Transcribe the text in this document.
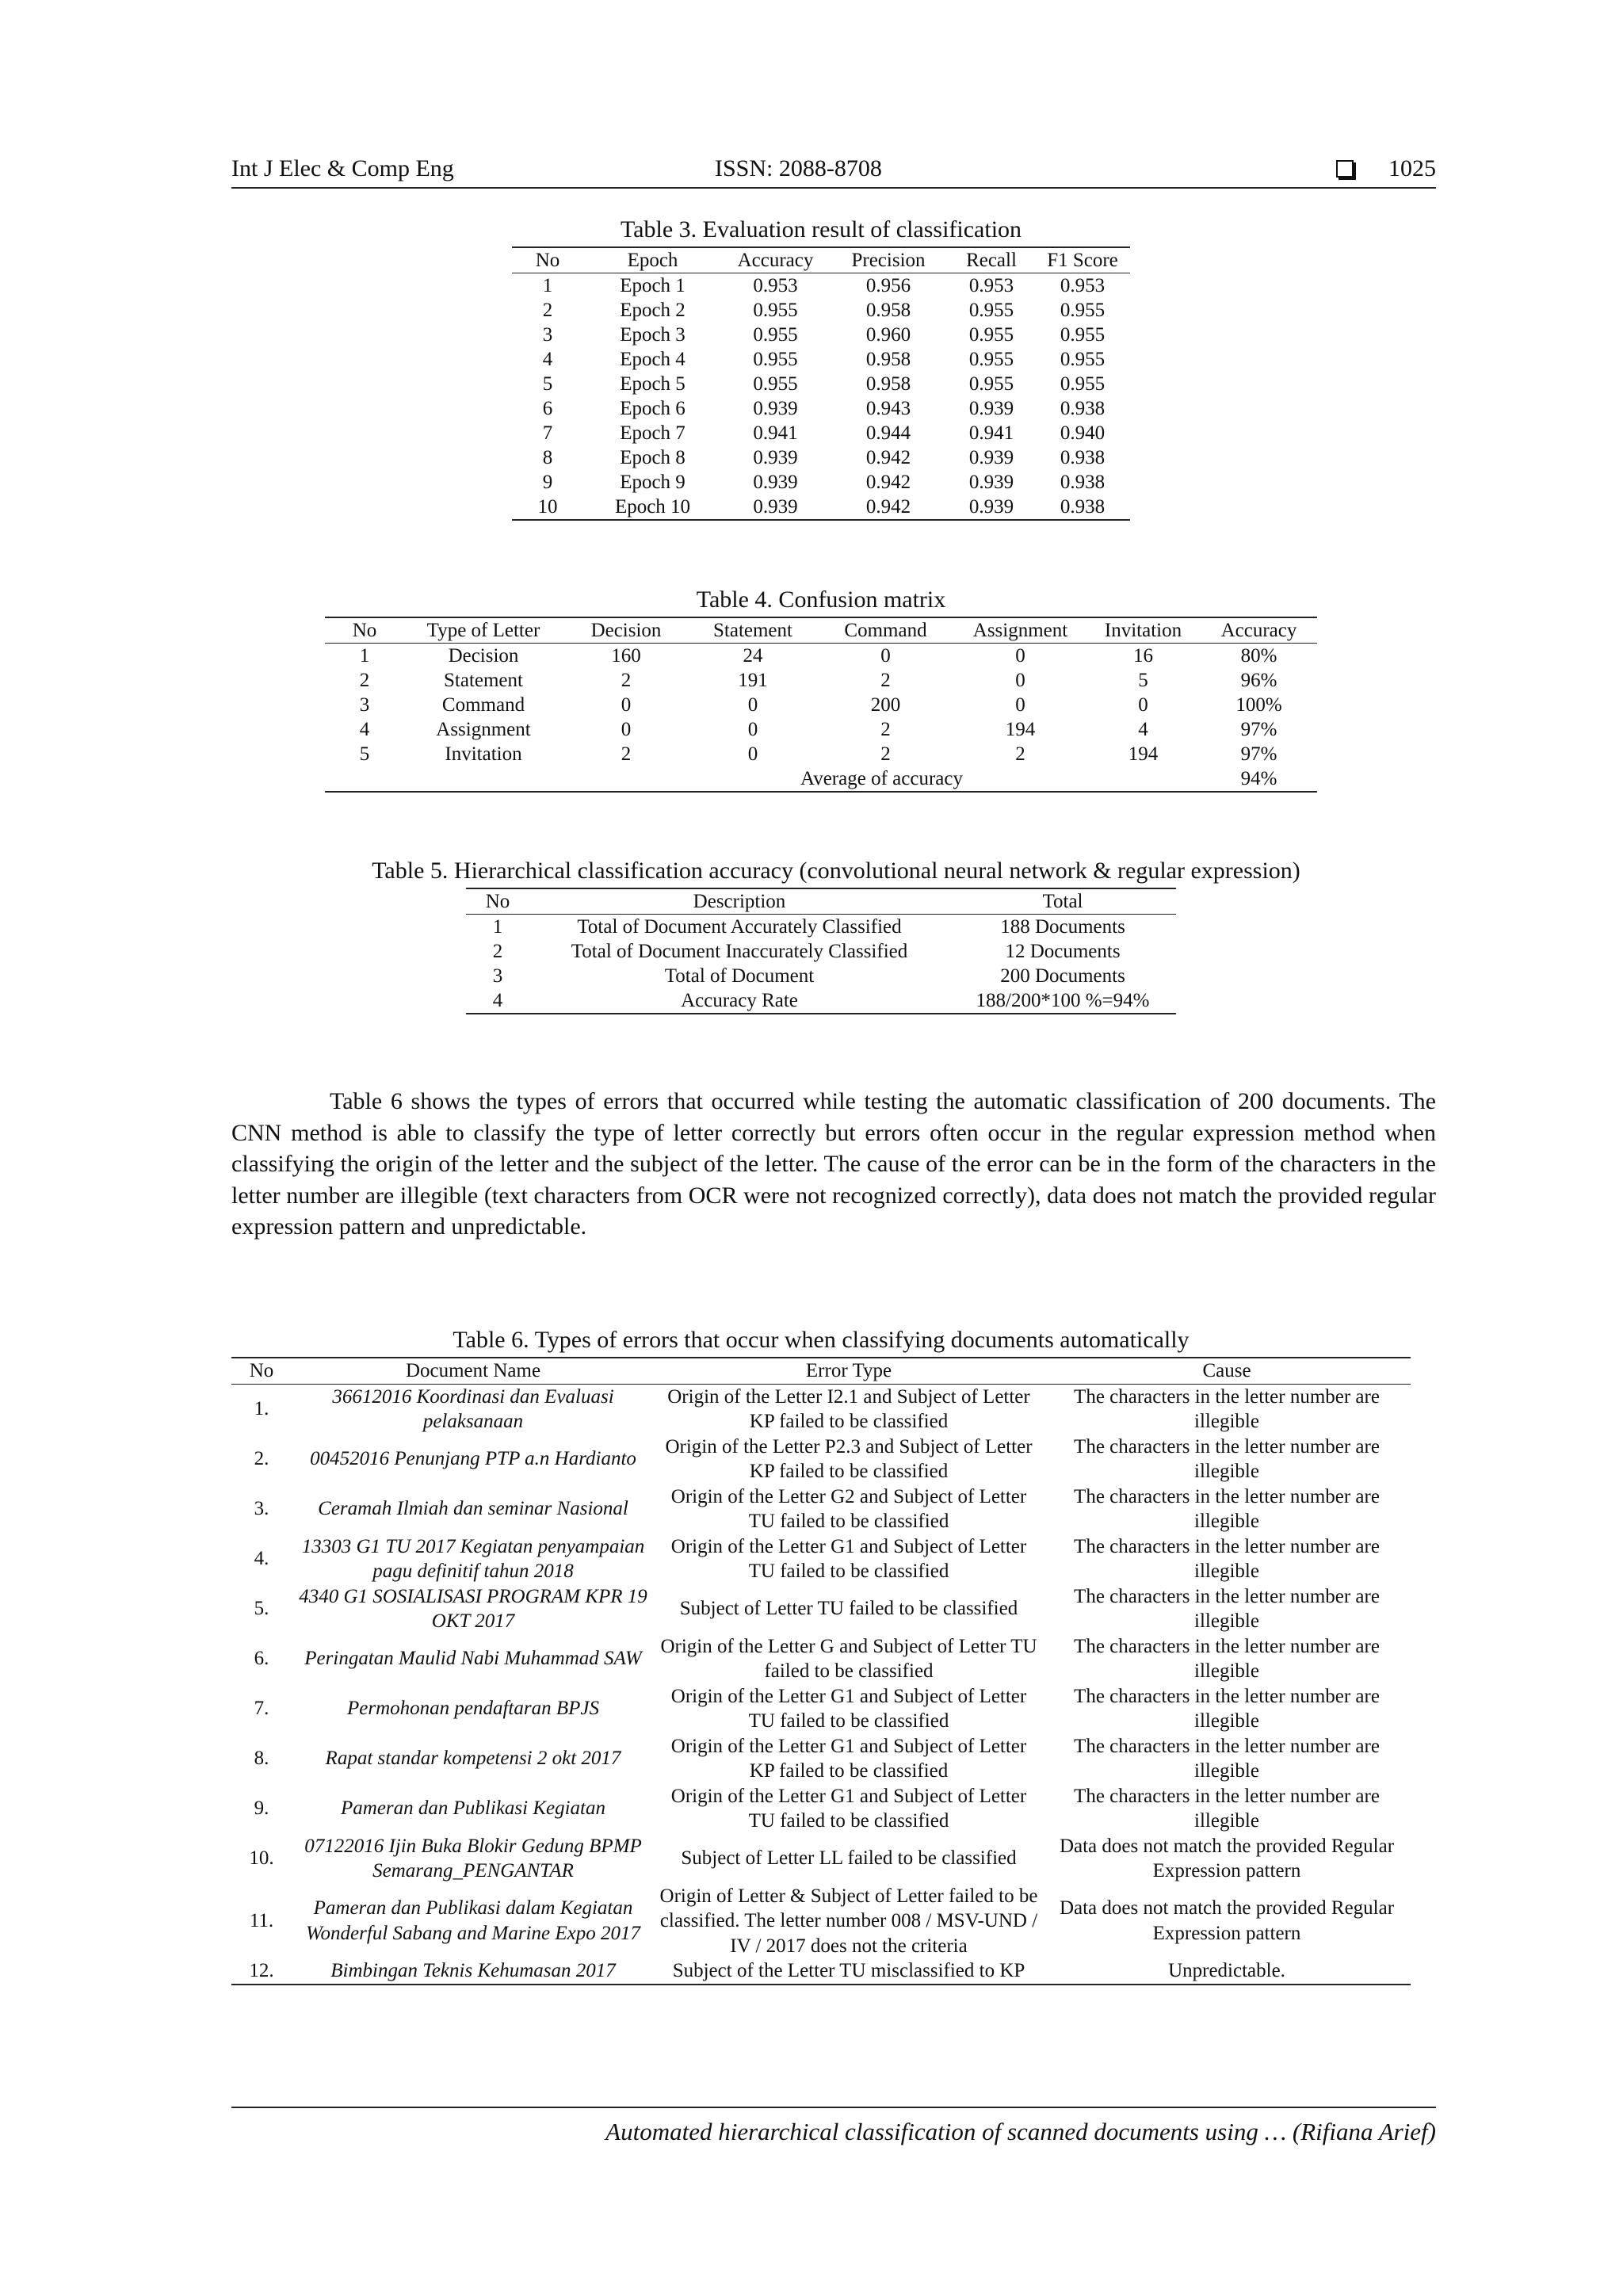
Int J Elec & Comp Eng	ISSN: 2088-8708	1025
Table 3. Evaluation result of classification
No	Epoch	Accuracy	Precision	Recall	F1 Score
1	Epoch 1	0.953	0.956	0.953	0.953
2	Epoch 2	0.955	0.958	0.955	0.955
3	Epoch 3	0.955	0.960	0.955	0.955
4	Epoch 4	0.955	0.958	0.955	0.955
5	Epoch 5	0.955	0.958	0.955	0.955
6	Epoch 6	0.939	0.943	0.939	0.938
7	Epoch 7	0.941	0.944	0.941	0.940
8	Epoch 8	0.939	0.942	0.939	0.938
9	Epoch 9	0.939	0.942	0.939	0.938
10	Epoch 10	0.939	0.942	0.939	0.938
Table 4. Confusion matrix
No	Type of Letter	Decision	Statement	Command	Assignment	Invitation	Accuracy
1	Decision	160	24	0	0	16	80%
2	Statement	2	191	2	0	5	96%
3	Command	0	0	200	0	0	100%
4	Assignment	0	0	2	194	4	97%
5	Invitation	2	0	2	2	194	97%
		Average of accuracy					94%
Table 5. Hierarchical classification accuracy (convolutional neural network & regular expression)
No	Description	Total
1	Total of Document Accurately Classified	188 Documents
2	Total of Document Inaccurately Classified	12 Documents
3	Total of Document	200 Documents
4	Accuracy Rate	188/200*100 %=94%

Table 6 shows the types of errors that occurred while testing the automatic classification of 200 documents. The CNN method is able to classify the type of letter correctly but errors often occur in the regular expression method when classifying the origin of the letter and the subject of the letter. The cause of the error can be in the form of the characters in the letter number are illegible (text characters from OCR were not recognized correctly), data does not match the provided regular expression pattern and unpredictable.

Table 6. Types of errors that occur when classifying documents automatically
No	Document Name	Error Type	Cause
1.	36612016 Koordinasi dan Evaluasi pelaksanaan	Origin of the Letter I2.1 and Subject of Letter KP failed to be classified	The characters in the letter number are illegible
2.	00452016 Penunjang PTP a.n Hardianto	Origin of the Letter P2.3 and Subject of Letter KP failed to be classified	The characters in the letter number are illegible
3.	Ceramah Ilmiah dan seminar Nasional	Origin of the Letter G2 and Subject of Letter TU failed to be classified	The characters in the letter number are illegible
4.	13303 G1 TU 2017 Kegiatan penyampaian pagu definitif tahun 2018	Origin of the Letter G1 and Subject of Letter TU failed to be classified	The characters in the letter number are illegible
5.	4340 G1 SOSIALISASI PROGRAM KPR 19 OKT 2017	Subject of Letter TU failed to be classified	The characters in the letter number are illegible
6.	Peringatan Maulid Nabi Muhammad SAW	Origin of the Letter G and Subject of Letter TU failed to be classified	The characters in the letter number are illegible
7.	Permohonan pendaftaran BPJS	Origin of the Letter G1 and Subject of Letter TU failed to be classified	The characters in the letter number are illegible
8.	Rapat standar kompetensi 2 okt 2017	Origin of the Letter G1 and Subject of Letter KP failed to be classified	The characters in the letter number are illegible
9.	Pameran dan Publikasi Kegiatan	Origin of the Letter G1 and Subject of Letter TU failed to be classified	The characters in the letter number are illegible
10.	07122016 Ijin Buka Blokir Gedung BPMP Semarang_PENGANTAR	Subject of Letter LL failed to be classified	Data does not match the provided Regular Expression pattern
11.	Pameran dan Publikasi dalam Kegiatan Wonderful Sabang and Marine Expo 2017	Origin of Letter & Subject of Letter failed to be classified. The letter number 008 / MSV-UND / IV / 2017 does not the criteria	Data does not match the provided Regular Expression pattern
12.	Bimbingan Teknis Kehumasan 2017	Subject of the Letter TU misclassified to KP	Unpredictable.
Automated hierarchical classification of scanned documents using … (Rifiana Arief)
